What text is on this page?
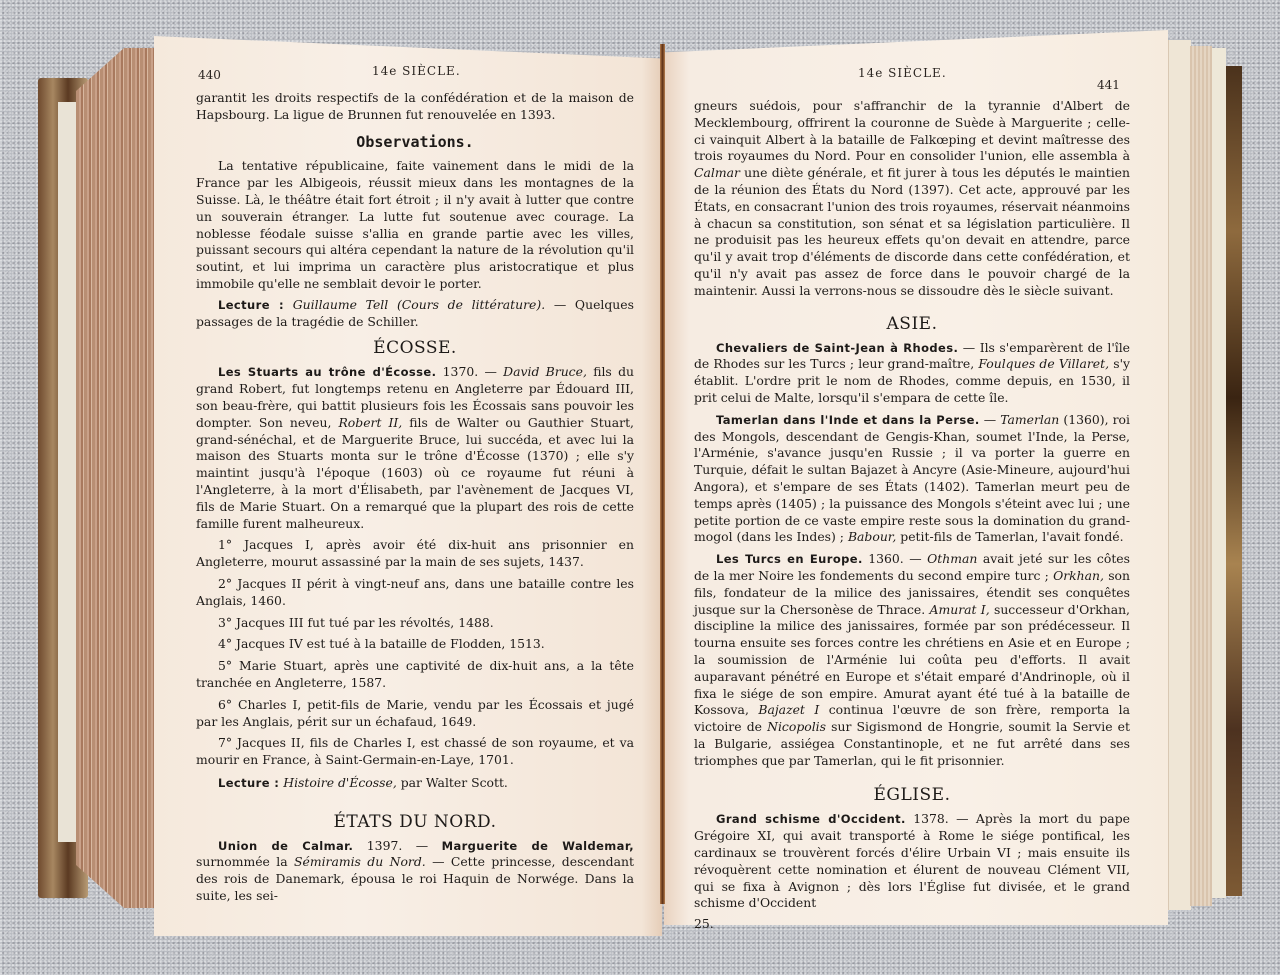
440	14e SIÈCLE.

garantit les droits respectifs de la confédération et de la maison de Hapsbourg. La ligue de Brunnen fut renouvelée en 1393.

Observations.

La tentative républicaine, faite vainement dans le midi de la France par les Albigeois, réussit mieux dans les montagnes de la Suisse. Là, le théâtre était fort étroit ; il n'y avait à lutter que contre un souverain étranger. La lutte fut soutenue avec courage. La noblesse féodale suisse s'allia en grande partie avec les villes, puissant secours qui altéra cependant la nature de la révolution qu'il soutint, et lui imprima un caractère plus aristocratique et plus immobile qu'elle ne semblait devoir le porter.

Lecture : Guillaume Tell (Cours de littérature). — Quelques passages de la tragédie de Schiller.

ÉCOSSE.

Les Stuarts au trône d'Écosse. 1370. — David Bruce, fils du grand Robert, fut longtemps retenu en Angleterre par Édouard III, son beau-frère, qui battit plusieurs fois les Écossais sans pouvoir les dompter. Son neveu, Robert II, fils de Walter ou Gauthier Stuart, grand-sénéchal, et de Marguerite Bruce, lui succéda, et avec lui la maison des Stuarts monta sur le trône d'Écosse (1370) ; elle s'y maintint jusqu'à l'époque (1603) où ce royaume fut réuni à l'Angleterre, à la mort d'Élisabeth, par l'avènement de Jacques VI, fils de Marie Stuart. On a remarqué que la plupart des rois de cette famille furent malheureux.

1° Jacques I, après avoir été dix-huit ans prisonnier en Angleterre, mourut assassiné par la main de ses sujets, 1437.

2° Jacques II périt à vingt-neuf ans, dans une bataille contre les Anglais, 1460.

3° Jacques III fut tué par les révoltés, 1488.

4° Jacques IV est tué à la bataille de Flodden, 1513.

5° Marie Stuart, après une captivité de dix-huit ans, a la tête tranchée en Angleterre, 1587.

6° Charles I, petit-fils de Marie, vendu par les Écossais et jugé par les Anglais, périt sur un échafaud, 1649.

7° Jacques II, fils de Charles I, est chassé de son royaume, et va mourir en France, à Saint-Germain-en-Laye, 1701.

Lecture : Histoire d'Écosse, par Walter Scott.

ÉTATS DU NORD.

Union de Calmar. 1397. — Marguerite de Waldemar, surnommée la Sémiramis du Nord. — Cette princesse, descendant des rois de Danemark, épousa le roi Haquin de Norwége. Dans la suite, les sei-

14e SIÈCLE.
441

gneurs suédois, pour s'affranchir de la tyrannie d'Albert de Mecklembourg, offrirent la couronne de Suède à Marguerite ; celle-ci vainquit Albert à la bataille de Falkœping et devint maîtresse des trois royaumes du Nord. Pour en consolider l'union, elle assembla à Calmar une diète générale, et fit jurer à tous les députés le maintien de la réunion des États du Nord (1397). Cet acte, approuvé par les États, en consacrant l'union des trois royaumes, réservait néanmoins à chacun sa constitution, son sénat et sa législation particulière. Il ne produisit pas les heureux effets qu'on devait en attendre, parce qu'il y avait trop d'éléments de discorde dans cette confédération, et qu'il n'y avait pas assez de force dans le pouvoir chargé de la maintenir. Aussi la verrons-nous se dissoudre dès le siècle suivant.

ASIE.

Chevaliers de Saint-Jean à Rhodes. — Ils s'emparèrent de l'île de Rhodes sur les Turcs ; leur grand-maître, Foulques de Villaret, s'y établit. L'ordre prit le nom de Rhodes, comme depuis, en 1530, il prit celui de Malte, lorsqu'il s'empara de cette île.

Tamerlan dans l'Inde et dans la Perse. — Tamerlan (1360), roi des Mongols, descendant de Gengis-Khan, soumet l'Inde, la Perse, l'Arménie, s'avance jusqu'en Russie ; il va porter la guerre en Turquie, défait le sultan Bajazet à Ancyre (Asie-Mineure, aujourd'hui Angora), et s'empare de ses États (1402). Tamerlan meurt peu de temps après (1405) ; la puissance des Mongols s'éteint avec lui ; une petite portion de ce vaste empire reste sous la domination du grand-mogol (dans les Indes) ; Babour, petit-fils de Tamerlan, l'avait fondé.

Les Turcs en Europe. 1360. — Othman avait jeté sur les côtes de la mer Noire les fondements du second empire turc ; Orkhan, son fils, fondateur de la milice des janissaires, étendit ses conquêtes jusque sur la Chersonèse de Thrace. Amurat I, successeur d'Orkhan, discipline la milice des janissaires, formée par son prédécesseur. Il tourna ensuite ses forces contre les chrétiens en Asie et en Europe ; la soumission de l'Arménie lui coûta peu d'efforts. Il avait auparavant pénétré en Europe et s'était emparé d'Andrinople, où il fixa le siége de son empire. Amurat ayant été tué à la bataille de Kossova, Bajazet I continua l'œuvre de son frère, remporta la victoire de Nicopolis sur Sigismond de Hongrie, soumit la Servie et la Bulgarie, assiégea Constantinople, et ne fut arrêté dans ses triomphes que par Tamerlan, qui le fit prisonnier.

ÉGLISE.

Grand schisme d'Occident. 1378. — Après la mort du pape Grégoire XI, qui avait transporté à Rome le siége pontifical, les cardinaux se trouvèrent forcés d'élire Urbain VI ; mais ensuite ils révoquèrent cette nomination et élurent de nouveau Clément VII, qui se fixa à Avignon ; dès lors l'Église fut divisée, et le grand schisme d'Occident

25.
